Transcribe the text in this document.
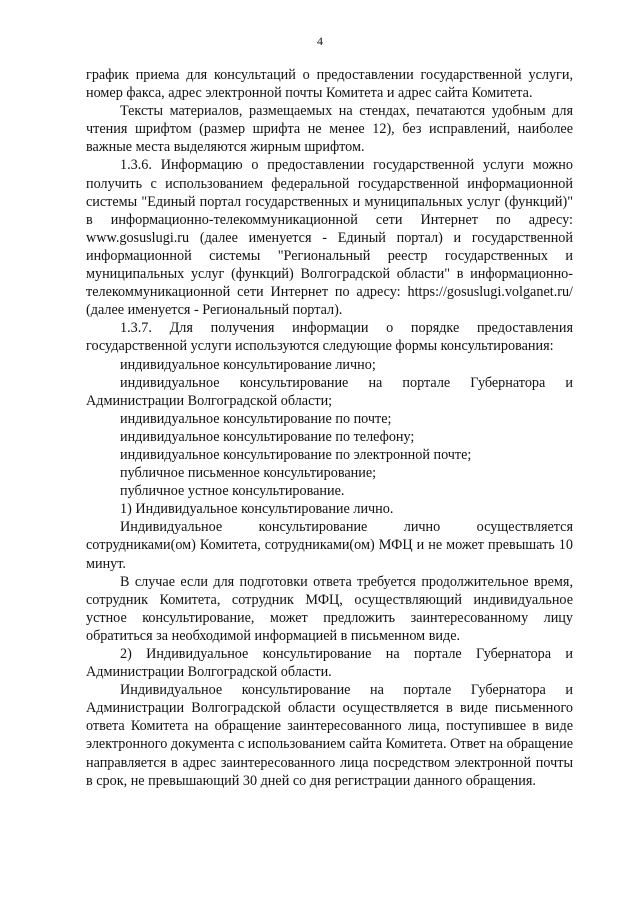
4

график приема для консультаций о предоставлении государственной услуги, номер факса, адрес электронной почты Комитета и адрес сайта Комитета.

Тексты материалов, размещаемых на стендах, печатаются удобным для чтения шрифтом (размер шрифта не менее 12), без исправлений, наиболее важные места выделяются жирным шрифтом.

1.3.6. Информацию о предоставлении государственной услуги можно получить с использованием федеральной государственной информационной системы "Единый портал государственных и муниципальных услуг (функций)" в информационно-телекоммуникационной сети Интернет по адресу: www.gosuslugi.ru (далее именуется - Единый портал) и государственной информационной системы "Региональный реестр государственных и муниципальных услуг (функций) Волгоградской области" в информационно-телекоммуникационной сети Интернет по адресу: https://gosuslugi.volganet.ru/ (далее именуется - Региональный портал).

1.3.7. Для получения информации о порядке предоставления государственной услуги используются следующие формы консультирования:

индивидуальное консультирование лично;

индивидуальное консультирование на портале Губернатора и Администрации Волгоградской области;

индивидуальное консультирование по почте;

индивидуальное консультирование по телефону;

индивидуальное консультирование по электронной почте;

публичное письменное консультирование;

публичное устное консультирование.

1) Индивидуальное консультирование лично.

Индивидуальное консультирование лично осуществляется сотрудниками(ом) Комитета, сотрудниками(ом) МФЦ и не может превышать 10 минут.

В случае если для подготовки ответа требуется продолжительное время, сотрудник Комитета, сотрудник МФЦ, осуществляющий индивидуальное устное консультирование, может предложить заинтересованному лицу обратиться за необходимой информацией в письменном виде.

2) Индивидуальное консультирование на портале Губернатора и Администрации Волгоградской области.

Индивидуальное консультирование на портале Губернатора и Администрации Волгоградской области осуществляется в виде письменного ответа Комитета на обращение заинтересованного лица, поступившее в виде электронного документа с использованием сайта Комитета. Ответ на обращение направляется в адрес заинтересованного лица посредством электронной почты в срок, не превышающий 30 дней со дня регистрации данного обращения.
